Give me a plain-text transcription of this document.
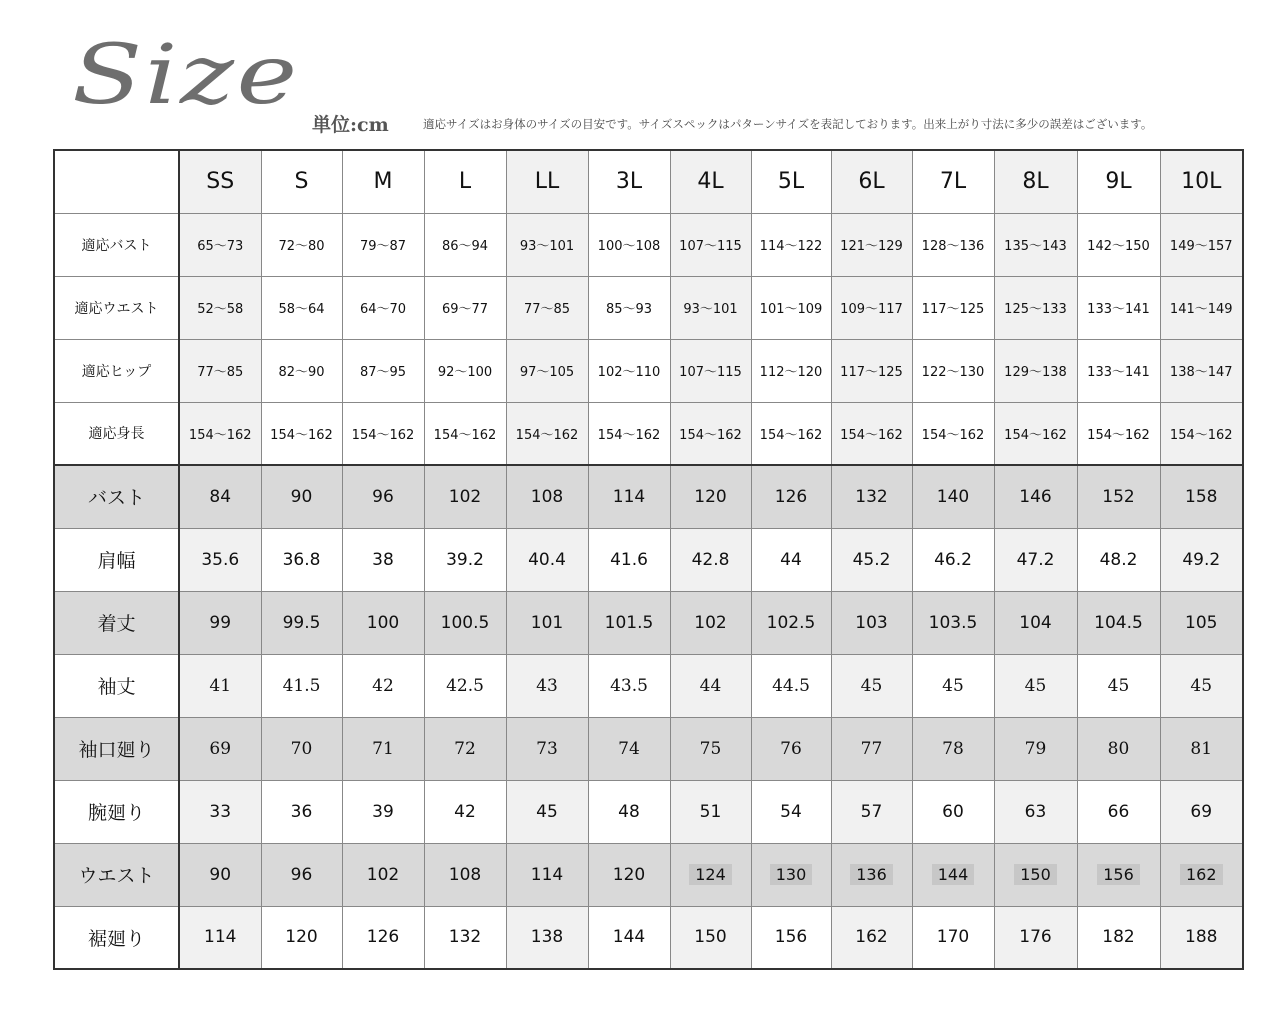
Size
単位:cm	適応サイズはお身体のサイズの目安です。サイズスペックはパターンサイズを表記しております。出来上がり寸法に多少の誤差はございます。
	SS	S	M	L	LL	3L	4L	5L	6L	7L	8L	9L	10L
適応バスト	65〜73	72〜80	79〜87	86〜94	93〜101	100〜108	107〜115	114〜122	121〜129	128〜136	135〜143	142〜150	149〜157
適応ウエスト	52〜58	58〜64	64〜70	69〜77	77〜85	85〜93	93〜101	101〜109	109〜117	117〜125	125〜133	133〜141	141〜149
適応ヒップ	77〜85	82〜90	87〜95	92〜100	97〜105	102〜110	107〜115	112〜120	117〜125	122〜130	129〜138	133〜141	138〜147
適応身長	154〜162	154〜162	154〜162	154〜162	154〜162	154〜162	154〜162	154〜162	154〜162	154〜162	154〜162	154〜162	154〜162
バスト	84	90	96	102	108	114	120	126	132	140	146	152	158
肩幅	35.6	36.8	38	39.2	40.4	41.6	42.8	44	45.2	46.2	47.2	48.2	49.2
着丈	99	99.5	100	100.5	101	101.5	102	102.5	103	103.5	104	104.5	105
袖丈	41	41.5	42	42.5	43	43.5	44	44.5	45	45	45	45	45
袖口廻り	69	70	71	72	73	74	75	76	77	78	79	80	81
腕廻り	33	36	39	42	45	48	51	54	57	60	63	66	69
ウエスト	90	96	102	108	114	120	124	130	136	144	150	156	162
裾廻り	114	120	126	132	138	144	150	156	162	170	176	182	188
